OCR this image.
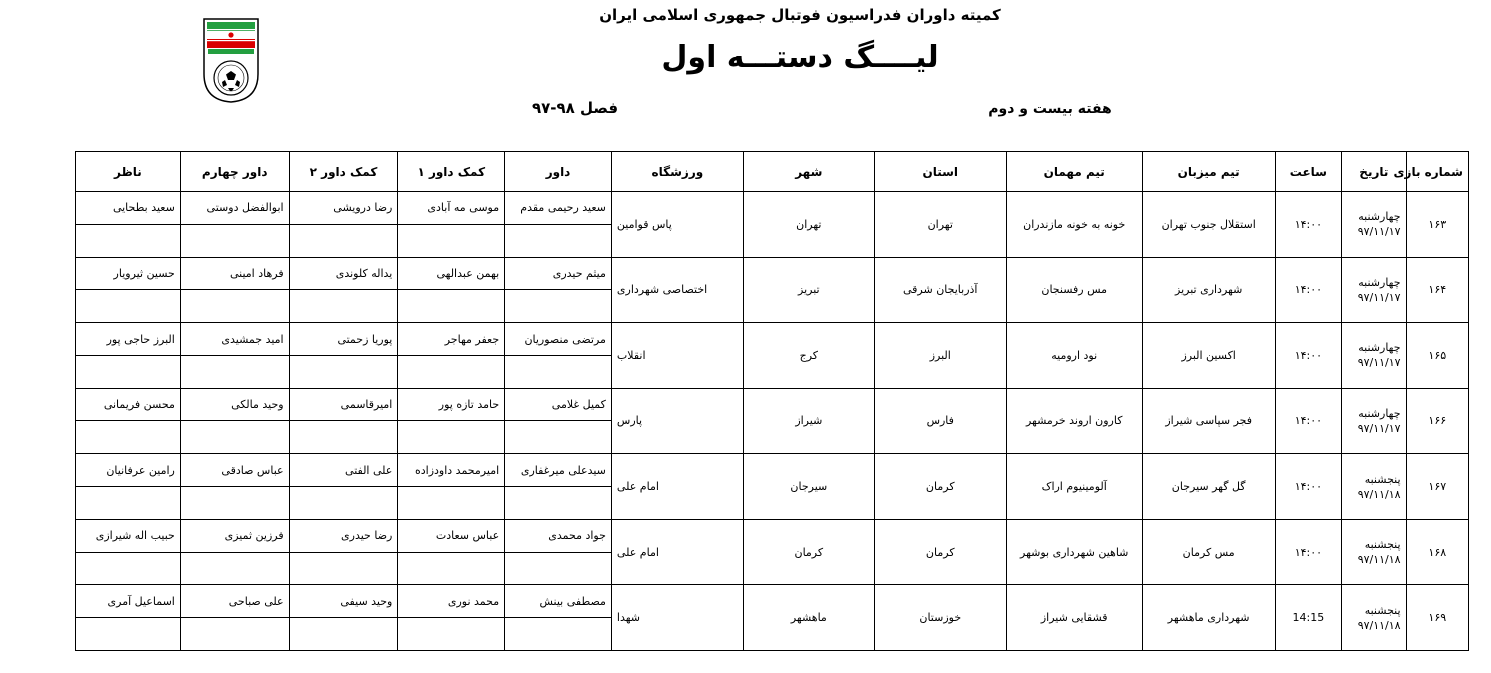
کمیته داوران فدراسیون فوتبال جمهوری اسلامی ایران
لیــــگ دستـــه اول
هفته بیست و دوم
فصل ۹۸-۹۷
شماره بازی	تاریخ	ساعت	تیم میزبان	تیم مهمان	استان	شهر	ورزشگاه	داور	کمک داور ۱	کمک داور ۲	داور چهارم	ناظر
۱۶۳	چهارشنبه
۹۷/۱۱/۱۷	۱۴:۰۰	استقلال جنوب تهران	خونه به خونه مازندران	تهران	تهران	پاس قوامین	سعید رحیمی مقدم	موسی مه آبادی	رضا درویشی	ابوالفضل دوستی	سعید بطحایی

۱۶۴	چهارشنبه
۹۷/۱۱/۱۷	۱۴:۰۰	شهرداری تبریز	مس رفسنجان	آذربایجان شرقی	تبریز	اختصاصی شهرداری	میثم حیدری	بهمن عبدالهی	یداله کلوندی	فرهاد امینی	حسین ثیرویار

۱۶۵	چهارشنبه
۹۷/۱۱/۱۷	۱۴:۰۰	اکسین البرز	نود ارومیه	البرز	کرج	انقلاب	مرتضی منصوریان	جعفر مهاجر	پوریا زحمتی	امید جمشیدی	البرز حاجی پور

۱۶۶	چهارشنبه
۹۷/۱۱/۱۷	۱۴:۰۰	فجر سپاسی شیراز	کارون اروند خرمشهر	فارس	شیراز	پارس	کمیل غلامی	حامد تازه پور	امیرقاسمی	وحید مالکی	محسن فریمانی

۱۶۷	پنجشنبه
۹۷/۱۱/۱۸	۱۴:۰۰	گل گهر سیرجان	آلومینیوم اراک	کرمان	سیرجان	امام علی	سیدعلی میرغفاری	امیرمحمد داودزاده	علی الفتی	عباس صادقی	رامین عرفانیان

۱۶۸	پنجشنبه
۹۷/۱۱/۱۸	۱۴:۰۰	مس کرمان	شاهین شهرداری بوشهر	کرمان	کرمان	امام علی	جواد محمدی	عباس سعادت	رضا حیدری	فرزین ثمیزی	حبیب اله شیرازی

۱۶۹	پنجشنبه
۹۷/۱۱/۱۸	14:15	شهرداری ماهشهر	قشقایی شیراز	خوزستان	ماهشهر	شهدا	مصطفی بینش	محمد نوری	وحید سیفی	علی صباحی	اسماعیل آمری
